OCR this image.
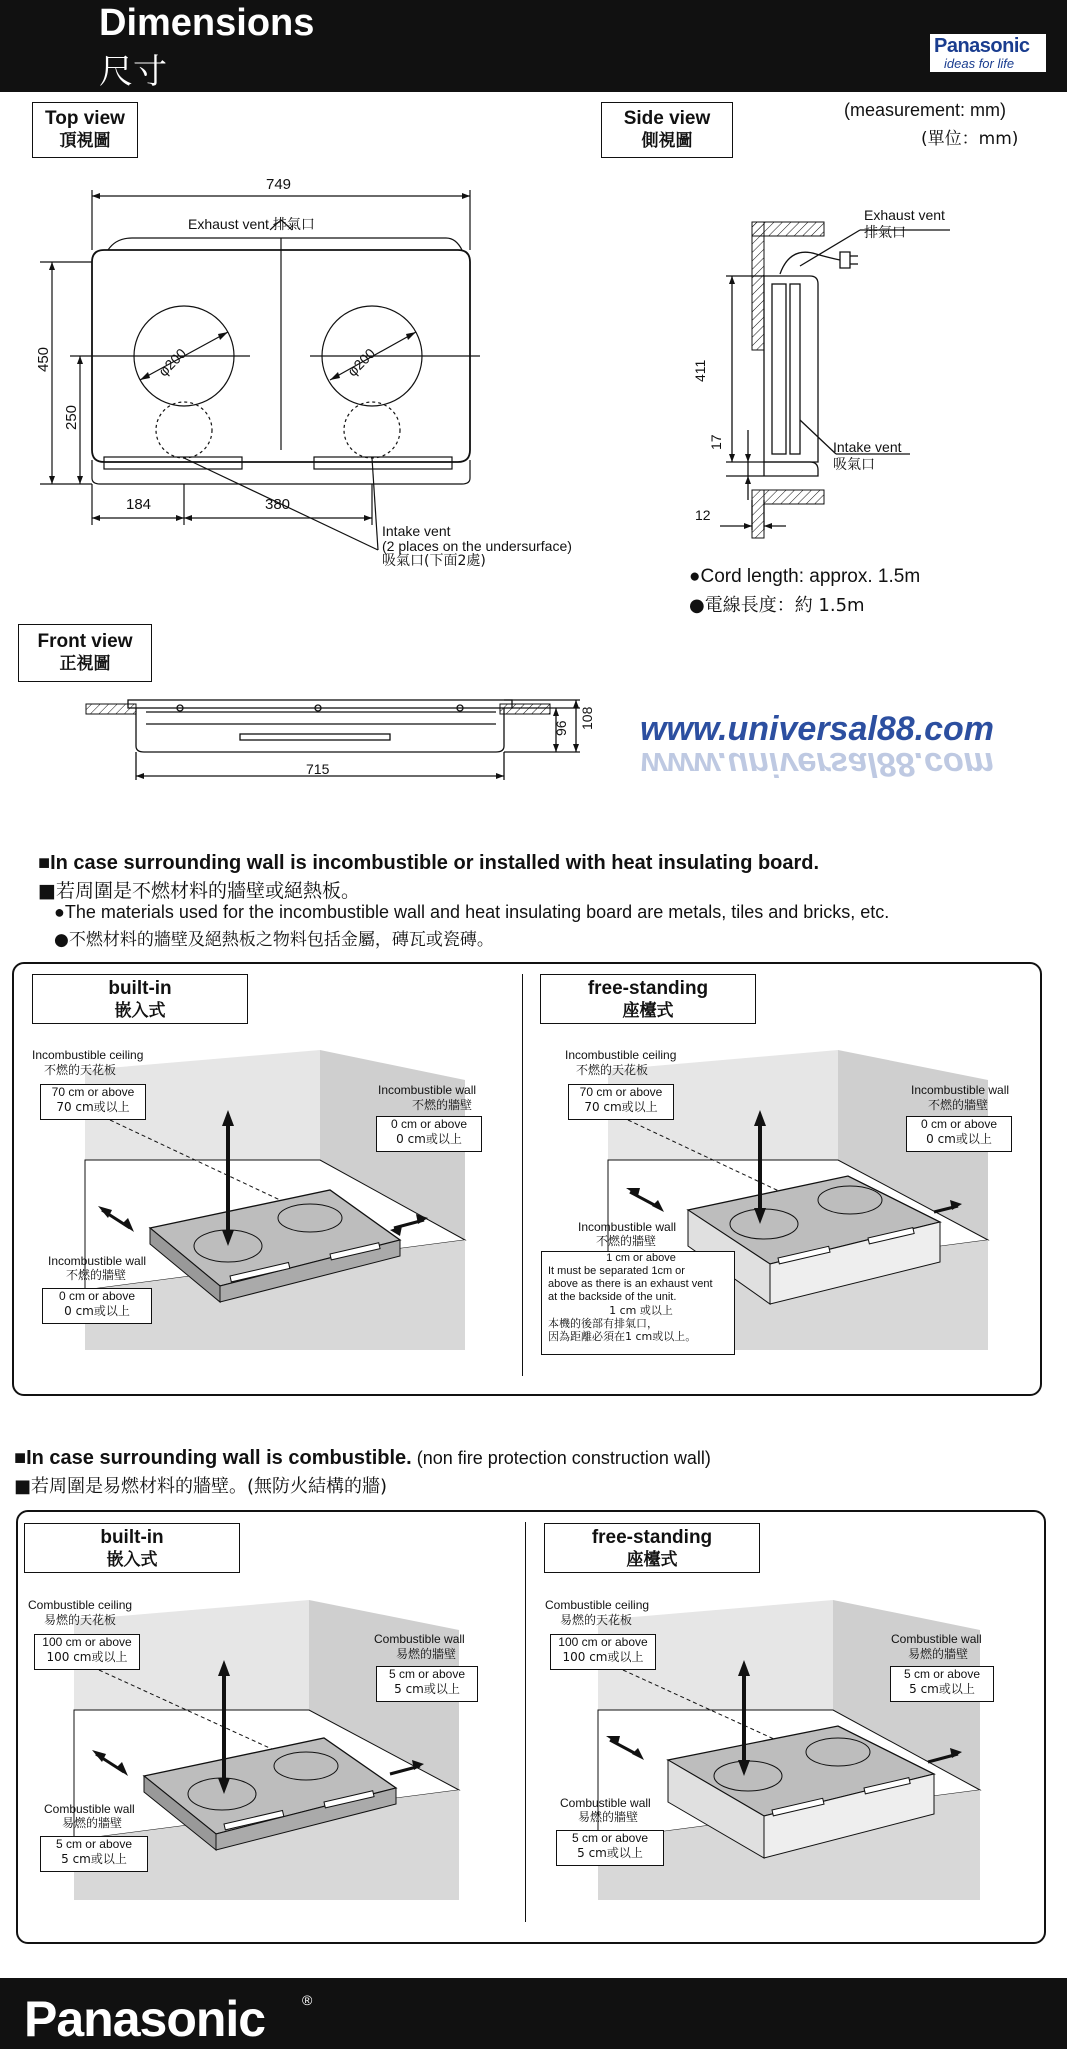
Dimensions
尺寸
Panasonic
ideas for life
Top view
頂視圖
749
Exhaust vent 排氣口
450
250
φ200	φ200
184	380
Intake vent
(2 places on the undersurface)
吸氣口(下面2處)
Side view
側視圖
(measurement: mm)
(單位：mm)
Exhaust vent
排氣口
Intake vent
吸氣口
411
17
12
●Cord length: approx. 1.5m
●電線長度：約 1.5m
Front view
正視圖
715
96 108 www.universal88.com
www.universal88.com
■In case surrounding wall is incombustible or installed with heat insulating board.
■若周圍是不燃材料的牆壁或絕熱板。
●The materials used for the incombustible wall and heat insulating board are metals, tiles and bricks, etc.
●不燃材料的牆壁及絕熱板之物料包括金屬，磚瓦或瓷磚。
built-in
嵌入式
Incombustible ceiling
不燃的天花板
70 cm or above
70 cm或以上
Incombustible wall
不燃的牆壁
0 cm or above
0 cm或以上
Incombustible wall
不燃的牆壁
0 cm or above
0 cm或以上
free-standing
座檯式
Incombustible ceiling
不燃的天花板
70 cm or above
70 cm或以上
Incombustible wall
不燃的牆壁
0 cm or above
0 cm或以上
Incombustible wall
不燃的牆壁
1 cm or above
It must be separated 1cm or
above as there is an exhaust vent
at the backside of the unit.
1 cm 或以上
本機的後部有排氣口，
因為距離必須在1 cm或以上。
■In case surrounding wall is combustible. (non fire protection construction wall)
■若周圍是易燃材料的牆壁。(無防火結構的牆)
built-in
嵌入式
Combustible ceiling
易燃的天花板
100 cm or above
100 cm或以上
Combustible wall
易燃的牆壁
5 cm or above
5 cm或以上
Combustible wall
易燃的牆壁
5 cm or above
5 cm或以上
free-standing
座檯式
Combustible ceiling
易燃的天花板
100 cm or above
100 cm或以上
Combustible wall
易燃的牆壁
5 cm or above
5 cm或以上
Combustible wall
易燃的牆壁
5 cm or above
5 cm或以上
Panasonic	®
